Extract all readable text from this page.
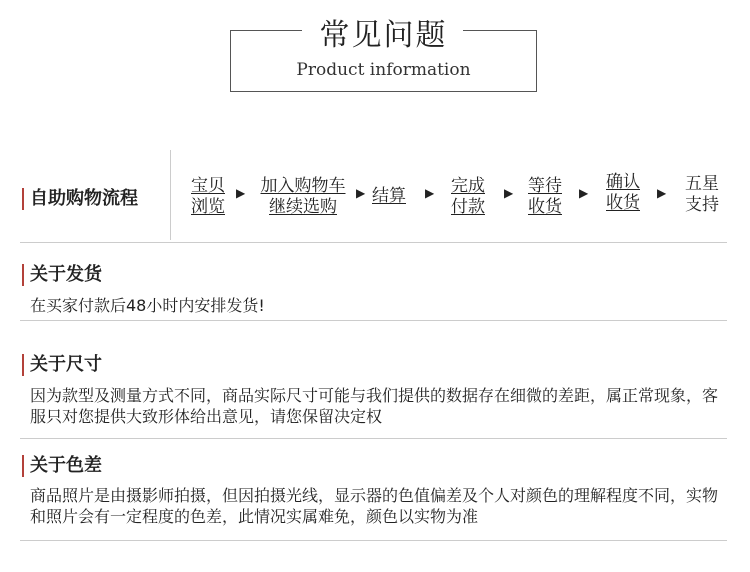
常见问题
Product information
自助购物流程
宝贝
浏览
▶ 加入购物车
继续选购
▶ 结算 ▶ 完成
付款
▶ 等待
收货
▶
确认
收货 ▶ 五星
支持
关于发货
在买家付款后48小时内安排发货!
关于尺寸
因为款型及测量方式不同，商品实际尺寸可能与我们提供的数据存在细微的差距，属正常现象，客服只对您提供大致形体给出意见，请您保留决定权
关于色差
商品照片是由摄影师拍摄，但因拍摄光线，显示器的色值偏差及个人对颜色的理解程度不同，实物和照片会有一定程度的色差，此情况实属难免，颜色以实物为准
